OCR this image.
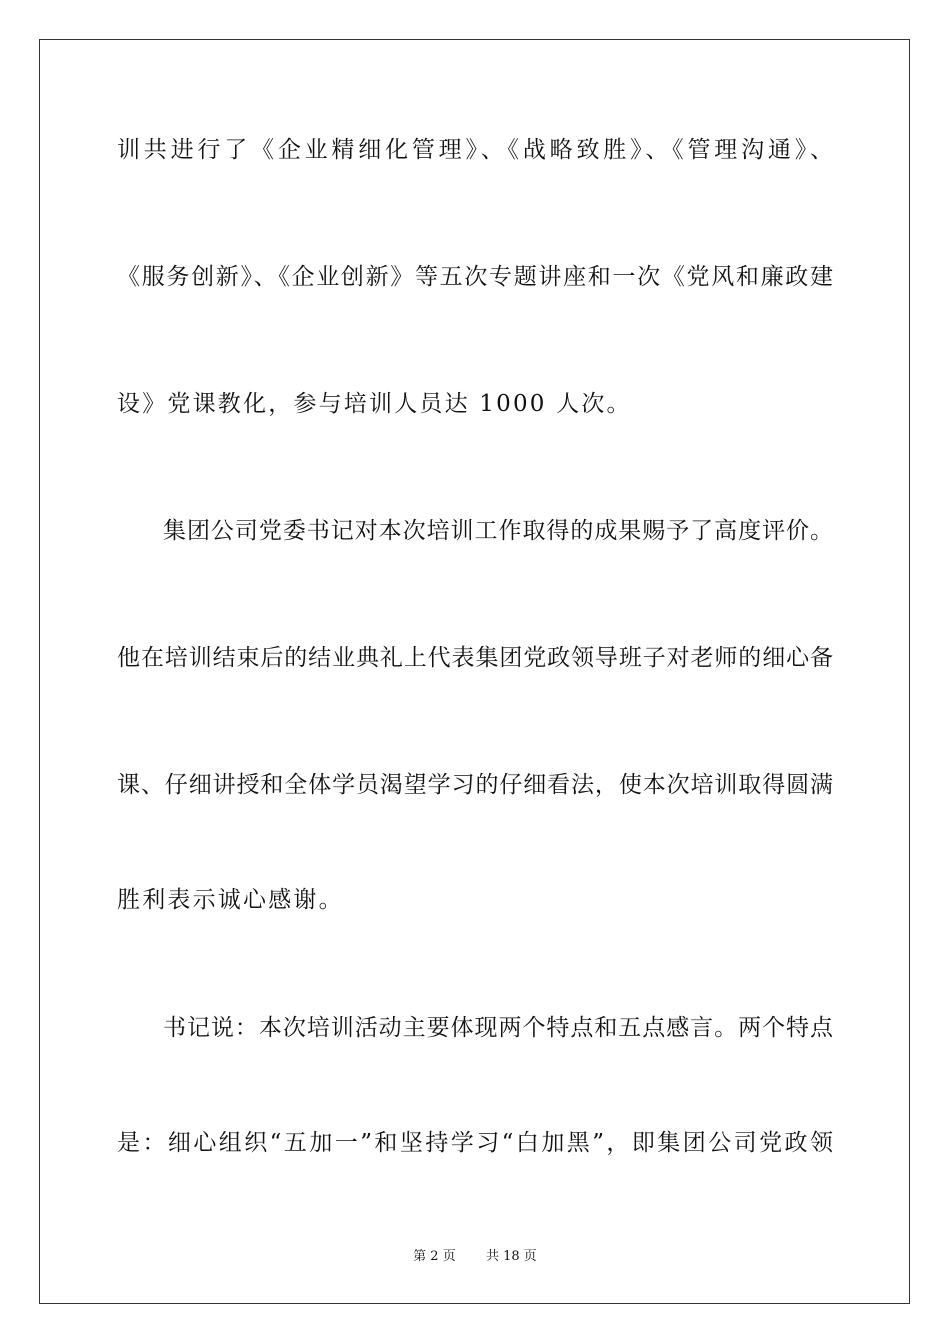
训共进行了《企业精细化管理》、《战略致胜》、《管理沟通》、
《服务创新》、《企业创新》等五次专题讲座和一次《党风和廉政建
设》党课教化，参与培训人员达 1000 人次。
集团公司党委书记对本次培训工作取得的成果赐予了高度评价。
他在培训结束后的结业典礼上代表集团党政领导班子对老师的细心备
课、仔细讲授和全体学员渴望学习的仔细看法，使本次培训取得圆满
胜利表示诚心感谢。
书记说：本次培训活动主要体现两个特点和五点感言。两个特点
是：细心组织“五加一”和坚持学习“白加黑”，即集团公司党政领
第 2 页 共 18 页
